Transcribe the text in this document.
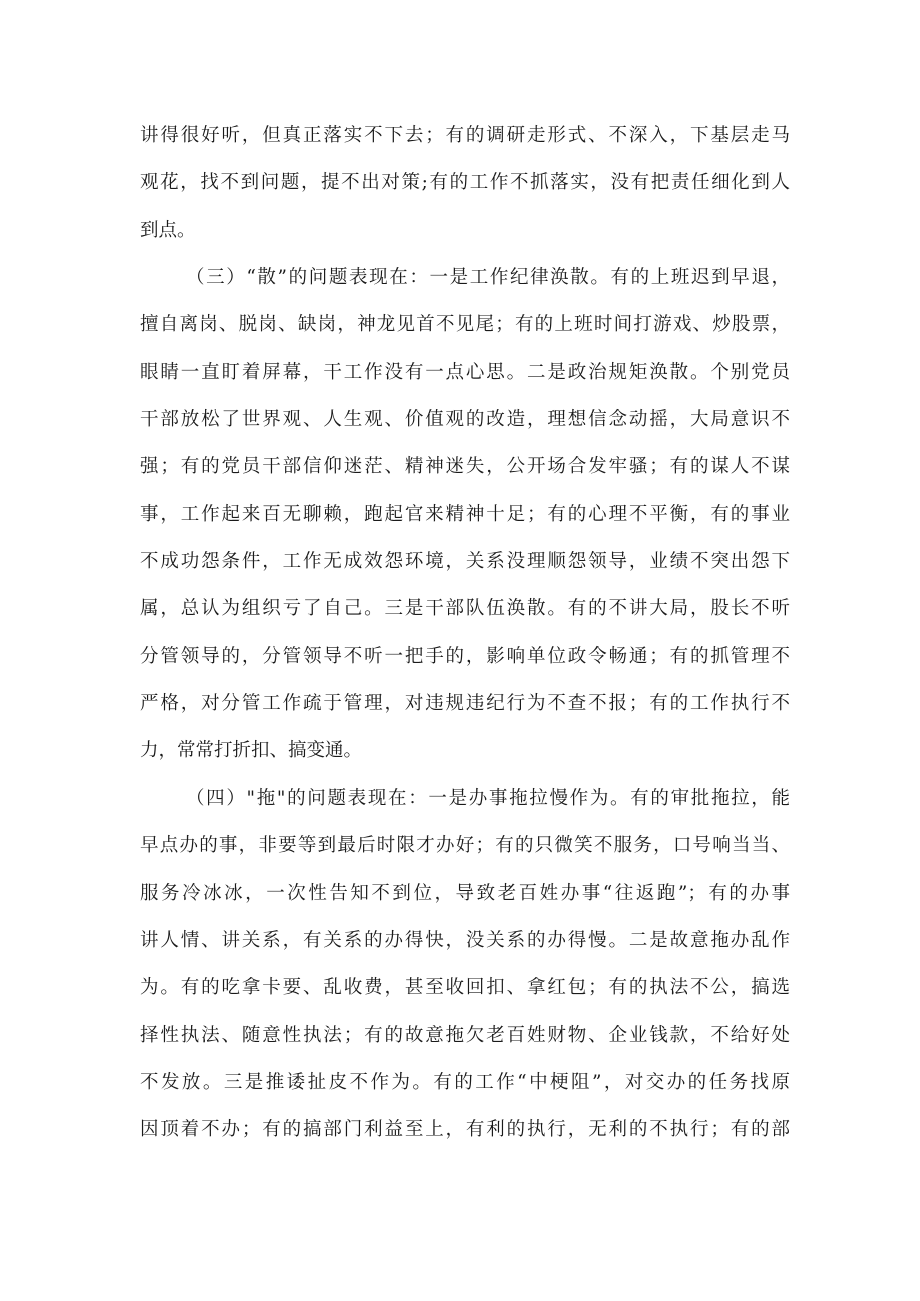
讲得很好听，但真正落实不下去；有的调研走形式、不深入，下基层走马
观花，找不到问题，提不出对策;有的工作不抓落实，没有把责任细化到人
到点。
（三）“散”的问题表现在：一是工作纪律涣散。有的上班迟到早退，
擅自离岗、脱岗、缺岗，神龙见首不见尾；有的上班时间打游戏、炒股票，
眼睛一直盯着屏幕，干工作没有一点心思。二是政治规矩涣散。个别党员
干部放松了世界观、人生观、价值观的改造，理想信念动摇，大局意识不
强；有的党员干部信仰迷茫、精神迷失，公开场合发牢骚；有的谋人不谋
事，工作起来百无聊赖，跑起官来精神十足；有的心理不平衡，有的事业
不成功怨条件，工作无成效怨环境，关系没理顺怨领导，业绩不突出怨下
属，总认为组织亏了自己。三是干部队伍涣散。有的不讲大局，股长不听
分管领导的，分管领导不听一把手的，影响单位政令畅通；有的抓管理不
严格，对分管工作疏于管理，对违规违纪行为不查不报；有的工作执行不
力，常常打折扣、搞变通。
（四）"拖"的问题表现在：一是办事拖拉慢作为。有的审批拖拉，能
早点办的事，非要等到最后时限才办好；有的只微笑不服务，口号响当当、
服务冷冰冰，一次性告知不到位，导致老百姓办事“往返跑”；有的办事
讲人情、讲关系，有关系的办得快，没关系的办得慢。二是故意拖办乱作
为。有的吃拿卡要、乱收费，甚至收回扣、拿红包；有的执法不公，搞选
择性执法、随意性执法；有的故意拖欠老百姓财物、企业钱款，不给好处
不发放。三是推诿扯皮不作为。有的工作“中梗阻”，对交办的任务找原
因顶着不办；有的搞部门利益至上，有利的执行，无利的不执行；有的部
